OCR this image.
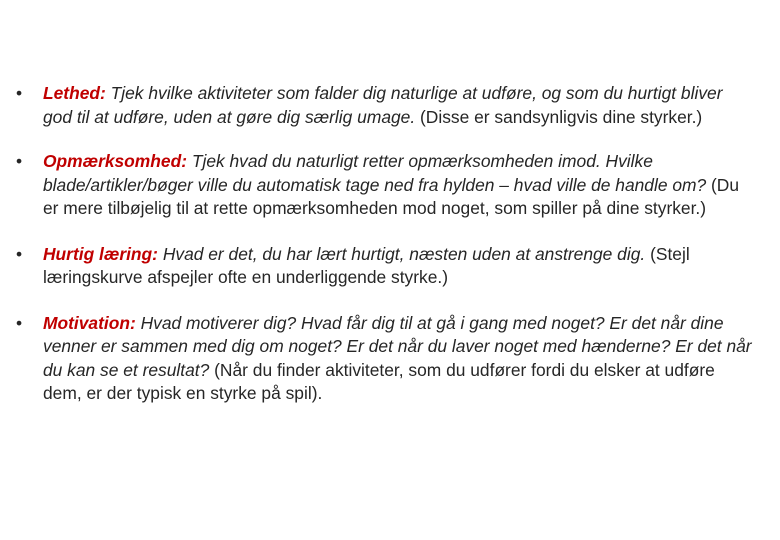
• Lethed: Tjek hvilke aktiviteter som falder dig naturlige at udføre, og som du hurtigt bliver god til at udføre, uden at gøre dig særlig umage. (Disse er sandsynligvis dine styrker.)
• Opmærksomhed: Tjek hvad du naturligt retter opmærksomheden imod. Hvilke blade/artikler/bøger ville du automatisk tage ned fra hylden – hvad ville de handle om? (Du er mere tilbøjelig til at rette opmærksomheden mod noget, som spiller på dine styrker.)
• Hurtig læring: Hvad er det, du har lært hurtigt, næsten uden at anstrenge dig. (Stejl læringskurve afspejler ofte en underliggende styrke.)
• Motivation: Hvad motiverer dig? Hvad får dig til at gå i gang med noget? Er det når dine venner er sammen med dig om noget? Er det når du laver noget med hænderne? Er det når du kan se et resultat? (Når du finder aktiviteter, som du udfører fordi du elsker at udføre dem, er der typisk en styrke på spil).
